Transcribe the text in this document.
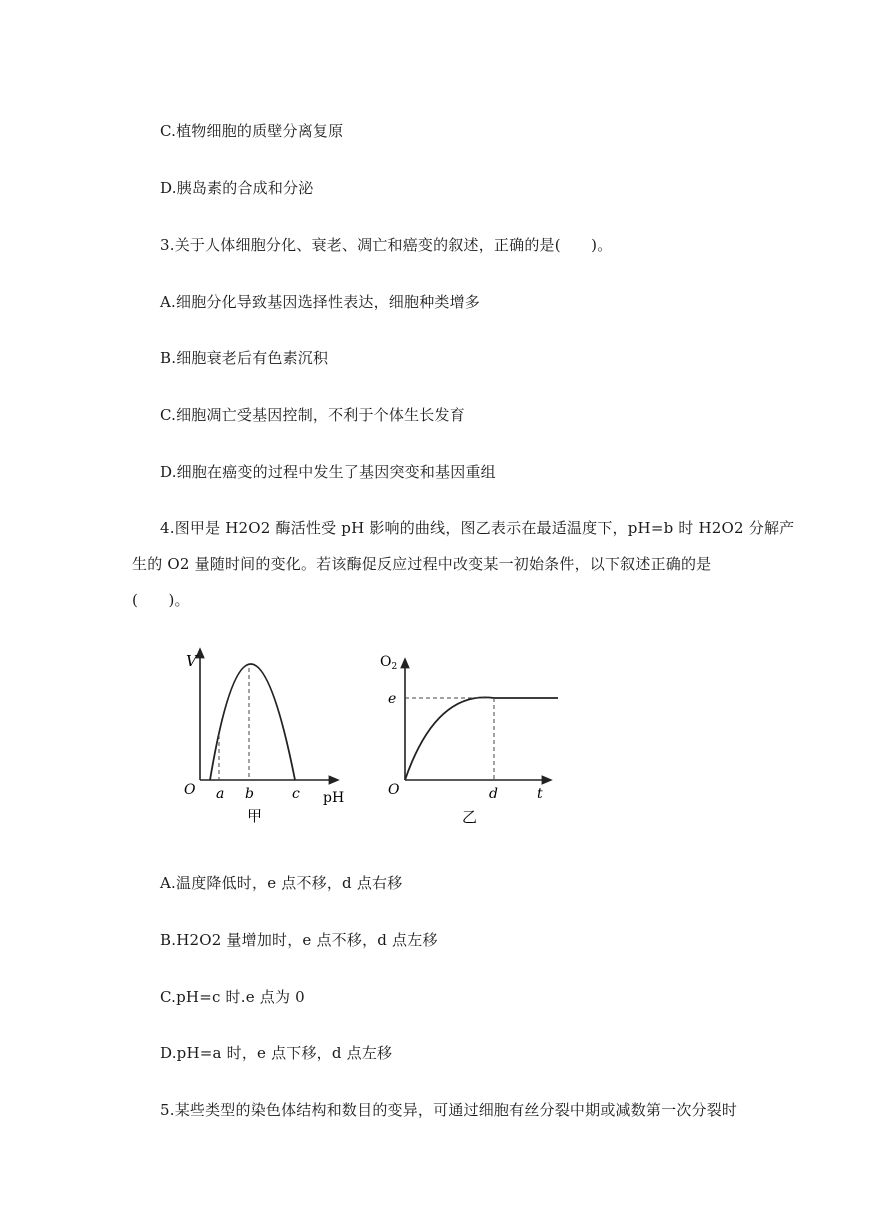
C.植物细胞的质壁分离复原
D.胰岛素的合成和分泌
3.关于人体细胞分化、衰老、凋亡和癌变的叙述，正确的是(　　)。
A.细胞分化导致基因选择性表达，细胞种类增多
B.细胞衰老后有色素沉积
C.细胞凋亡受基因控制，不利于个体生长发育
D.细胞在癌变的过程中发生了基因突变和基因重组
4.图甲是 H2O2 酶活性受 pH 影响的曲线，图乙表示在最适温度下，pH=b 时 H2O2 分解产
生的 O2 量随时间的变化。若该酶促反应过程中改变某一初始条件，以下叙述正确的是
(　　)。
V
O a b	c pH
甲
$O_2$
e
O	d	t
乙
A.温度降低时，e 点不移，d 点右移
B.H2O2 量增加时，e 点不移，d 点左移
C.pH=c 时.e 点为 0
D.pH=a 时，e 点下移，d 点左移
5.某些类型的染色体结构和数目的变异，可通过细胞有丝分裂中期或减数第一次分裂时
